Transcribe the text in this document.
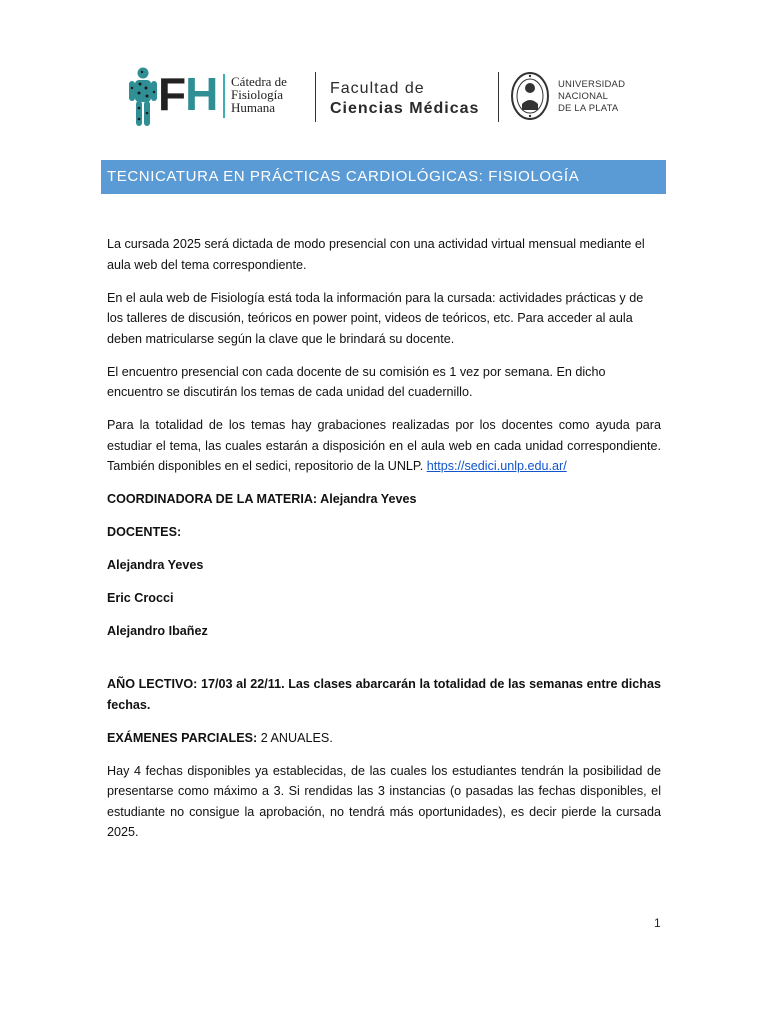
FH Cátedra de
Fisiología
Humana
Facultad de
Ciencias Médicas
UNIVERSIDAD
NACIONAL
DE LA PLATA
TECNICATURA EN PRÁCTICAS CARDIOLÓGICAS: FISIOLOGÍA

La cursada 2025 será dictada de modo presencial con una actividad virtual mensual mediante el aula web del tema correspondiente.

En el aula web de Fisiología está toda la información para la cursada: actividades prácticas y de los talleres de discusión, teóricos en power point, videos de teóricos, etc. Para acceder al aula deben matricularse según la clave que le brindará su docente.

El encuentro presencial con cada docente de su comisión es 1 vez por semana. En dicho encuentro se discutirán los temas de cada unidad del cuadernillo.

Para la totalidad de los temas hay grabaciones realizadas por los docentes como ayuda para estudiar el tema, las cuales estarán a disposición en el aula web en cada unidad correspondiente. También disponibles en el sedici, repositorio de la UNLP. https://sedici.unlp.edu.ar/

COORDINADORA DE LA MATERIA: Alejandra Yeves

DOCENTES:

Alejandra Yeves

Eric Crocci

Alejandro Ibañez

AÑO LECTIVO: 17/03 al 22/11. Las clases abarcarán la totalidad de las semanas entre dichas fechas.

EXÁMENES PARCIALES: 2 ANUALES.

Hay 4 fechas disponibles ya establecidas, de las cuales los estudiantes tendrán la posibilidad de presentarse como máximo a 3. Si rendidas las 3 instancias (o pasadas las fechas disponibles, el estudiante no consigue la aprobación, no tendrá más oportunidades), es decir pierde la cursada 2025.

1
